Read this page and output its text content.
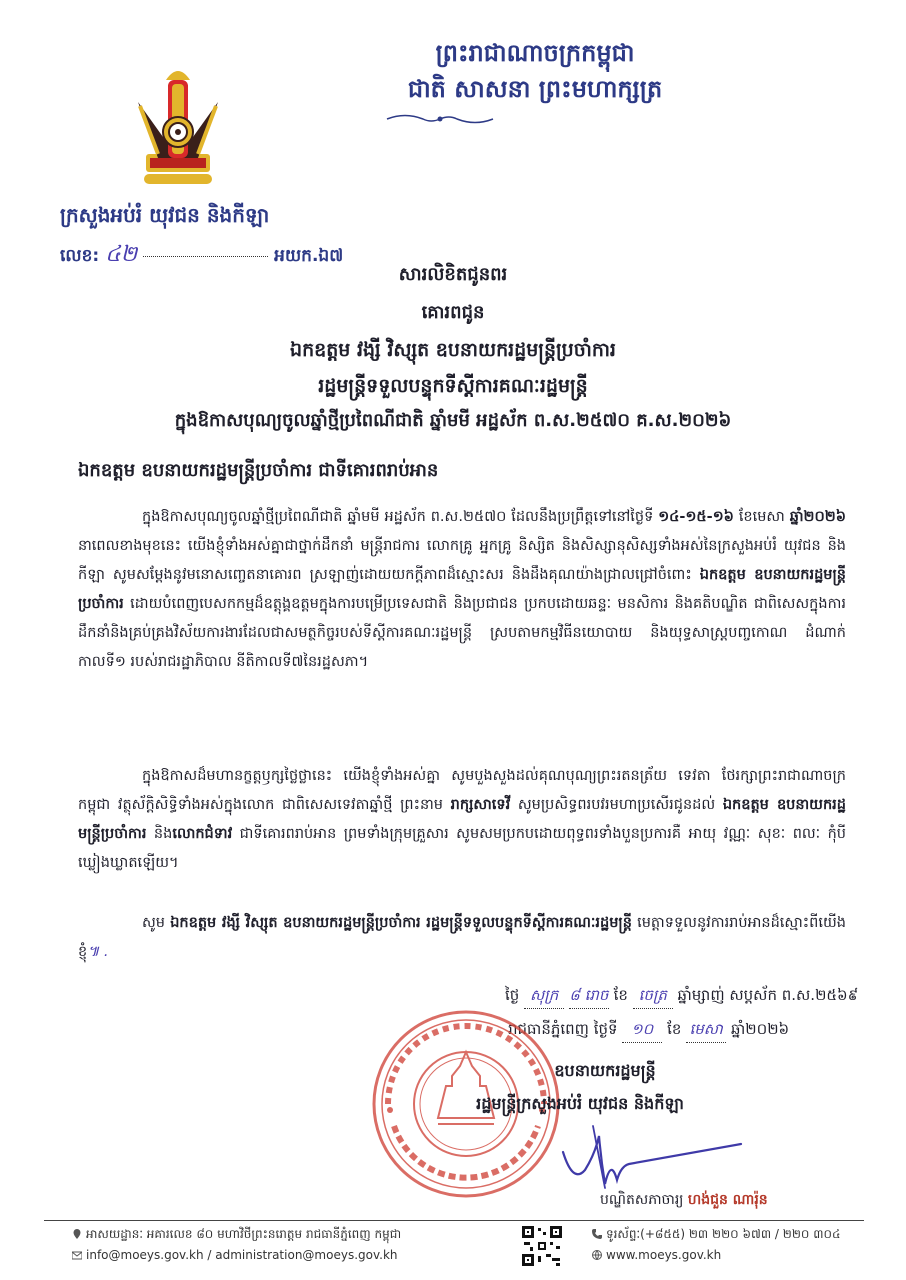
ព្រះរាជាណាចក្រកម្ពុជា
ជាតិ សាសនា ព្រះមហាក្សត្រ
ក្រសួងអប់រំ យុវជន និងកីឡា
លេខ: ៤២	អយក.ឯ៧
សារលិខិតជូនពរ
គោរពជូន
ឯកឧត្តម វង្សី វិស្សុត ឧបនាយករដ្ឋមន្ត្រីប្រចាំការ
រដ្ឋមន្ត្រីទទួលបន្ទុកទីស្តីការគណៈរដ្ឋមន្ត្រី
ក្នុងឱកាសបុណ្យចូលឆ្នាំថ្មីប្រពៃណីជាតិ ឆ្នាំមមី អដ្ឋស័ក ព.ស.២៥៧០ គ.ស.២០២៦
ឯកឧត្តម ឧបនាយករដ្ឋមន្ត្រីប្រចាំការ ជាទីគោរពរាប់អាន

ក្នុងឱកាសបុណ្យចូលឆ្នាំថ្មីប្រពៃណីជាតិ ឆ្នាំមមី អដ្ឋស័ក ព.ស.២៥៧០ ដែលនឹងប្រព្រឹត្តទៅនៅថ្ងៃទី ១៤-១៥-១៦ ខែមេសា ឆ្នាំ២០២៦ នាពេលខាងមុខនេះ យើងខ្ញុំទាំងអស់គ្នាជាថ្នាក់ដឹកនាំ មន្ត្រីរាជការ លោកគ្រូ អ្នកគ្រូ និស្សិត និងសិស្សានុសិស្សទាំងអស់នៃក្រសួងអប់រំ យុវជន និងកីឡា សូមសម្តែងនូវមនោសញ្ចេតនាគោរព ស្រឡាញ់ដោយយកក្តីភាពដ៏ស្មោះសរ និងដឹងគុណយ៉ាងជ្រាលជ្រៅចំពោះ ឯកឧត្តម ឧបនាយករដ្ឋមន្ត្រីប្រចាំការ ដោយបំពេញបេសកកម្មដ៏ឧត្តុង្គឧត្តមក្នុងការបម្រើប្រទេសជាតិ និងប្រជាជន ប្រកបដោយឆន្ទៈ មនសិការ និងគតិបណ្ឌិត ជាពិសេសក្នុងការដឹកនាំនិងគ្រប់គ្រងវិស័យការងារដែលជាសមត្ថកិច្ចរបស់ទីស្តីការគណៈរដ្ឋមន្ត្រី ស្របតាមកម្មវិធីនយោបាយ និងយុទ្ធសាស្ត្របញ្ចកោណ ដំណាក់កាលទី១ របស់រាជរដ្ឋាភិបាល នីតិកាលទី៧នៃរដ្ឋសភា។

ក្នុងឱកាសដ៏មហានក្ខត្តឫក្សថ្លៃថ្លានេះ យើងខ្ញុំទាំងអស់គ្នា សូមបួងសួងដល់គុណបុណ្យព្រះរតនត្រ័យ ទេវតា ថែរក្សាព្រះរាជាណាចក្រកម្ពុជា វត្ថុស័ក្តិសិទ្ធិទាំងអស់ក្នុងលោក ជាពិសេសទេវតាឆ្នាំថ្មី ព្រះនាម រាក្សសាទេវី សូមប្រសិទ្ធពរបវរមហាប្រសើរជូនដល់ ឯកឧត្តម ឧបនាយករដ្ឋមន្ត្រីប្រចាំការ និងលោកជំទាវ ជាទីគោរពរាប់អាន ព្រមទាំងក្រុមគ្រួសារ សូមសមប្រកបដោយពុទ្ធពរទាំងបួនប្រការគឺ អាយុ វណ្ណៈ សុខៈ ពលៈ កុំបីឃ្លៀងឃ្លាតឡើយ។

សូម ឯកឧត្តម វង្សី វិស្សុត ឧបនាយករដ្ឋមន្ត្រីប្រចាំការ រដ្ឋមន្ត្រីទទួលបន្ទុកទីស្តីការគណៈរដ្ឋមន្ត្រី មេត្តាទទួលនូវការរាប់អានដ៏ស្មោះពីយើងខ្ញុំ៕ .

ថ្ងៃ សុក្រ ៨ រោច ខែ ចេត្រ ឆ្នាំម្សាញ់ សប្តស័ក ព.ស.២៥៦៩
រាជធានីភ្នំពេញ ថ្ងៃទី ១០ ខែ មេសា ឆ្នាំ២០២៦
ឧបនាយករដ្ឋមន្ត្រី
រដ្ឋមន្ត្រីក្រសួងអប់រំ យុវជន និងកីឡា
បណ្ឌិតសភាចារ្យ ហង់ជួន ណារ៉ុន
អាសយដ្ឋានៈ អគារលេខ ៨០ មហាវិថីព្រះនរោត្តម រាជធានីភ្នំពេញ កម្ពុជា
info@moeys.gov.kh / administration@moeys.gov.kh
ទូរស័ព្ទៈ(+៨៥៥) ២៣ ២២០ ៦៧៣ / ២២០ ៣០៤
www.moeys.gov.kh
